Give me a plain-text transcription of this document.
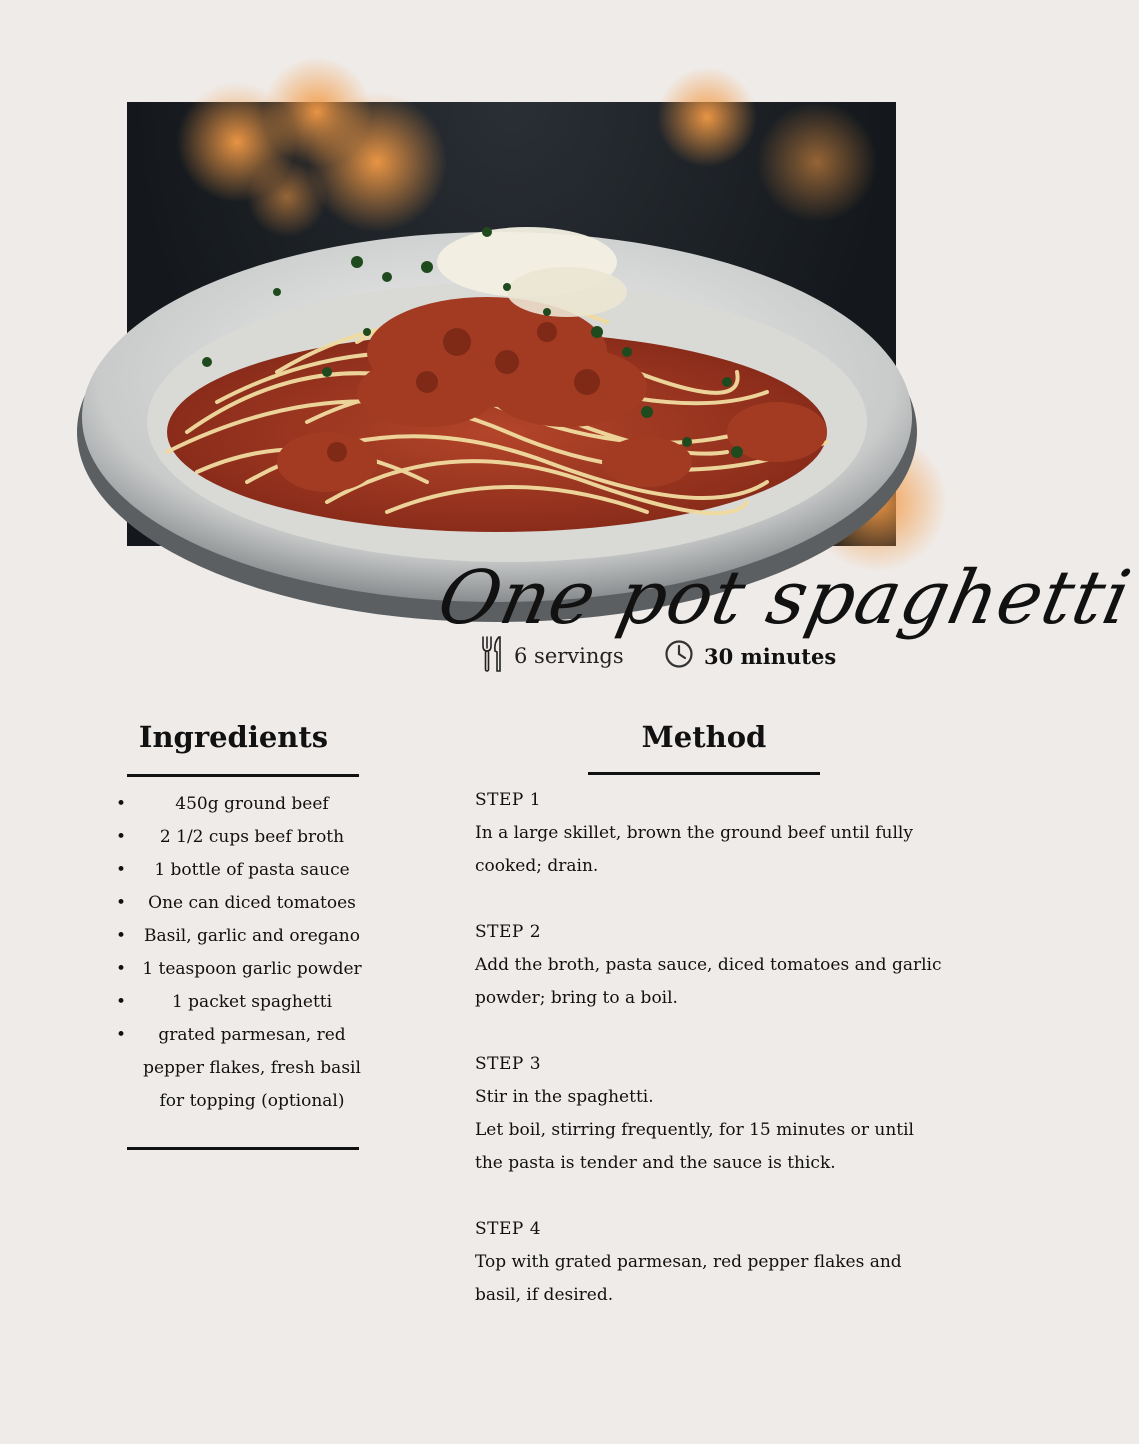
One pot spaghetti
6 servings	30 minutes
Ingredients	Method
• 450g ground beef
• 2 1/2 cups beef broth
• 1 bottle of pasta sauce
• One can diced tomatoes
• Basil, garlic and oregano
• 1 teaspoon garlic powder
• 1 packet spaghetti
• grated parmesan, red pepper flakes, fresh basil for topping (optional)
STEP 1
In a large skillet, brown the ground beef until fully cooked; drain.
STEP 2
Add the broth, pasta sauce, diced tomatoes and garlic powder; bring to a boil.
STEP 3
Stir in the spaghetti.
Let boil, stirring frequently, for 15 minutes or until the pasta is tender and the sauce is thick.
STEP 4
Top with grated parmesan, red pepper flakes and basil, if desired.
